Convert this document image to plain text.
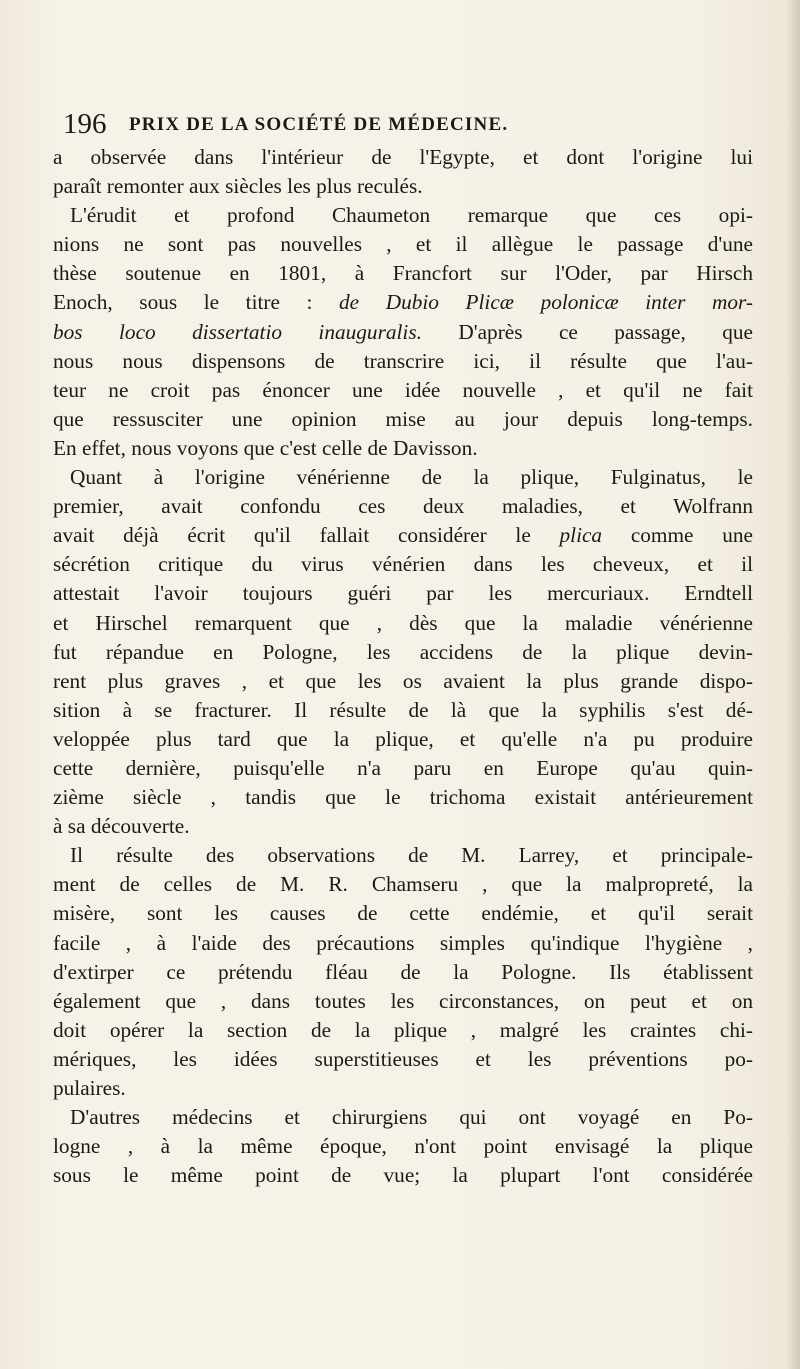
196 PRIX DE LA SOCIÉTÉ DE MÉDECINE.
a observée dans l'intérieur de l'Egypte, et dont l'origine lui
paraît remonter aux siècles les plus reculés.
L'érudit et profond Chaumeton remarque que ces opi-
nions ne sont pas nouvelles , et il allègue le passage d'une
thèse soutenue en 1801, à Francfort sur l'Oder, par Hirsch
Enoch, sous le titre : de Dubio Plicæ polonicæ inter mor-
bos loco dissertatio inauguralis. D'après ce passage, que
nous nous dispensons de transcrire ici, il résulte que l'au-
teur ne croit pas énoncer une idée nouvelle , et qu'il ne fait
que ressusciter une opinion mise au jour depuis long-temps.
En effet, nous voyons que c'est celle de Davisson.
Quant à l'origine vénérienne de la plique, Fulginatus, le
premier, avait confondu ces deux maladies, et Wolfrann
avait déjà écrit qu'il fallait considérer le plica comme une
sécrétion critique du virus vénérien dans les cheveux, et il
attestait l'avoir toujours guéri par les mercuriaux. Erndtell
et Hirschel remarquent que , dès que la maladie vénérienne
fut répandue en Pologne, les accidens de la plique devin-
rent plus graves , et que les os avaient la plus grande dispo-
sition à se fracturer. Il résulte de là que la syphilis s'est dé-
veloppée plus tard que la plique, et qu'elle n'a pu produire
cette dernière, puisqu'elle n'a paru en Europe qu'au quin-
zième siècle , tandis que le trichoma existait antérieurement
à sa découverte.
Il résulte des observations de M. Larrey, et principale-
ment de celles de M. R. Chamseru , que la malpropreté, la
misère, sont les causes de cette endémie, et qu'il serait
facile , à l'aide des précautions simples qu'indique l'hygiène ,
d'extirper ce prétendu fléau de la Pologne. Ils établissent
également que , dans toutes les circonstances, on peut et on
doit opérer la section de la plique , malgré les craintes chi-
mériques, les idées superstitieuses et les préventions po-
pulaires.
D'autres médecins et chirurgiens qui ont voyagé en Po-
logne , à la même époque, n'ont point envisagé la plique
sous le même point de vue; la plupart l'ont considérée
